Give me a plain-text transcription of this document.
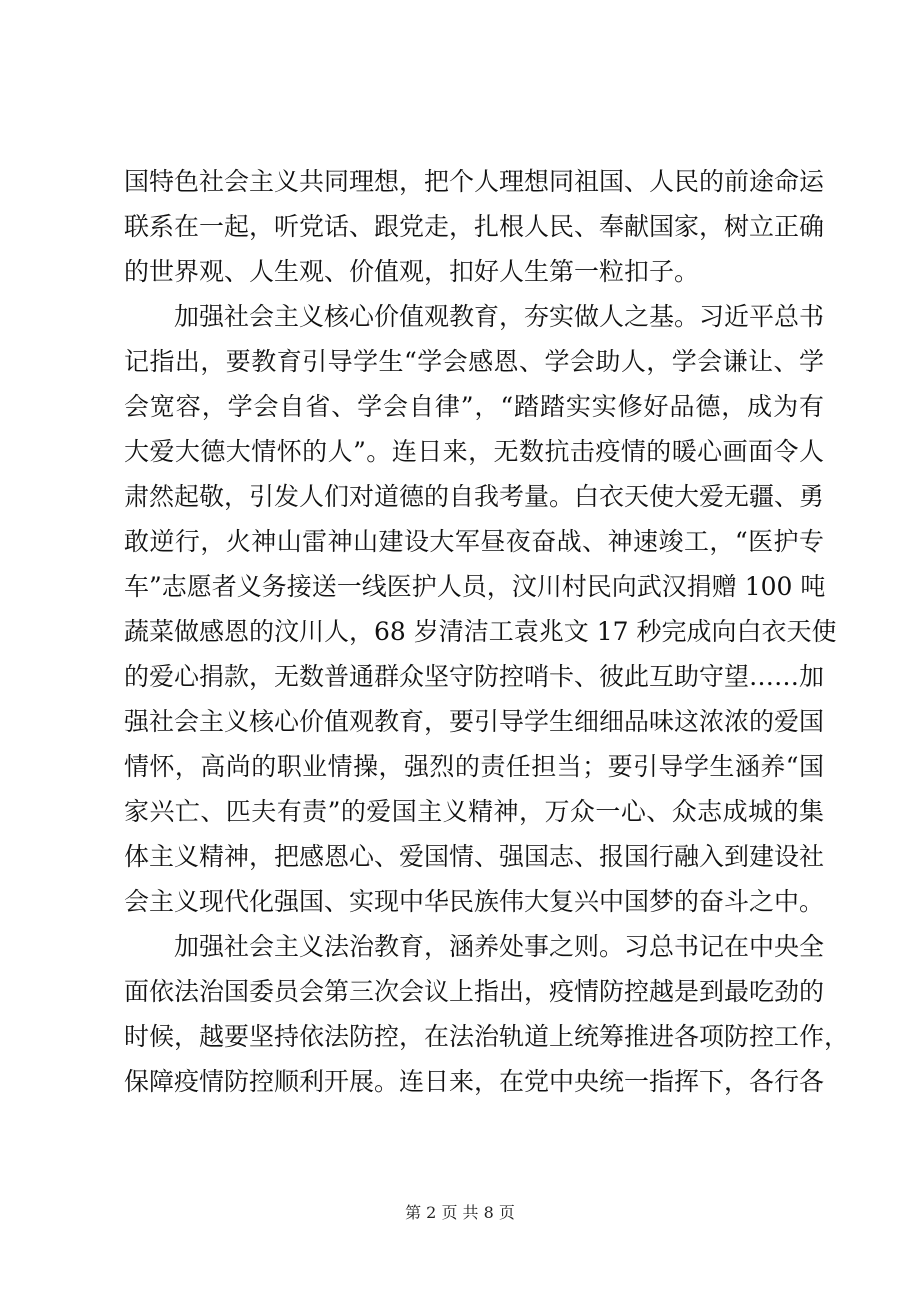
国特色社会主义共同理想，把个人理想同祖国、人民的前途命运
联系在一起，听党话、跟党走，扎根人民、奉献国家，树立正确
的世界观、人生观、价值观，扣好人生第一粒扣子。
加强社会主义核心价值观教育，夯实做人之基。习近平总书
记指出，要教育引导学生“学会感恩、学会助人，学会谦让、学
会宽容，学会自省、学会自律”，“踏踏实实修好品德，成为有
大爱大德大情怀的人”。连日来，无数抗击疫情的暖心画面令人
肃然起敬，引发人们对道德的自我考量。白衣天使大爱无疆、勇
敢逆行，火神山雷神山建设大军昼夜奋战、神速竣工，“医护专
车”志愿者义务接送一线医护人员，汶川村民向武汉捐赠 100 吨
蔬菜做感恩的汶川人，68 岁清洁工袁兆文 17 秒完成向白衣天使
的爱心捐款，无数普通群众坚守防控哨卡、彼此互助守望……加
强社会主义核心价值观教育，要引导学生细细品味这浓浓的爱国
情怀，高尚的职业情操，强烈的责任担当；要引导学生涵养“国
家兴亡、匹夫有责”的爱国主义精神，万众一心、众志成城的集
体主义精神，把感恩心、爱国情、强国志、报国行融入到建设社
会主义现代化强国、实现中华民族伟大复兴中国梦的奋斗之中。
加强社会主义法治教育，涵养处事之则。习总书记在中央全
面依法治国委员会第三次会议上指出，疫情防控越是到最吃劲的
时候，越要坚持依法防控，在法治轨道上统筹推进各项防控工作，
保障疫情防控顺利开展。连日来，在党中央统一指挥下，各行各
第 2 页 共 8 页
